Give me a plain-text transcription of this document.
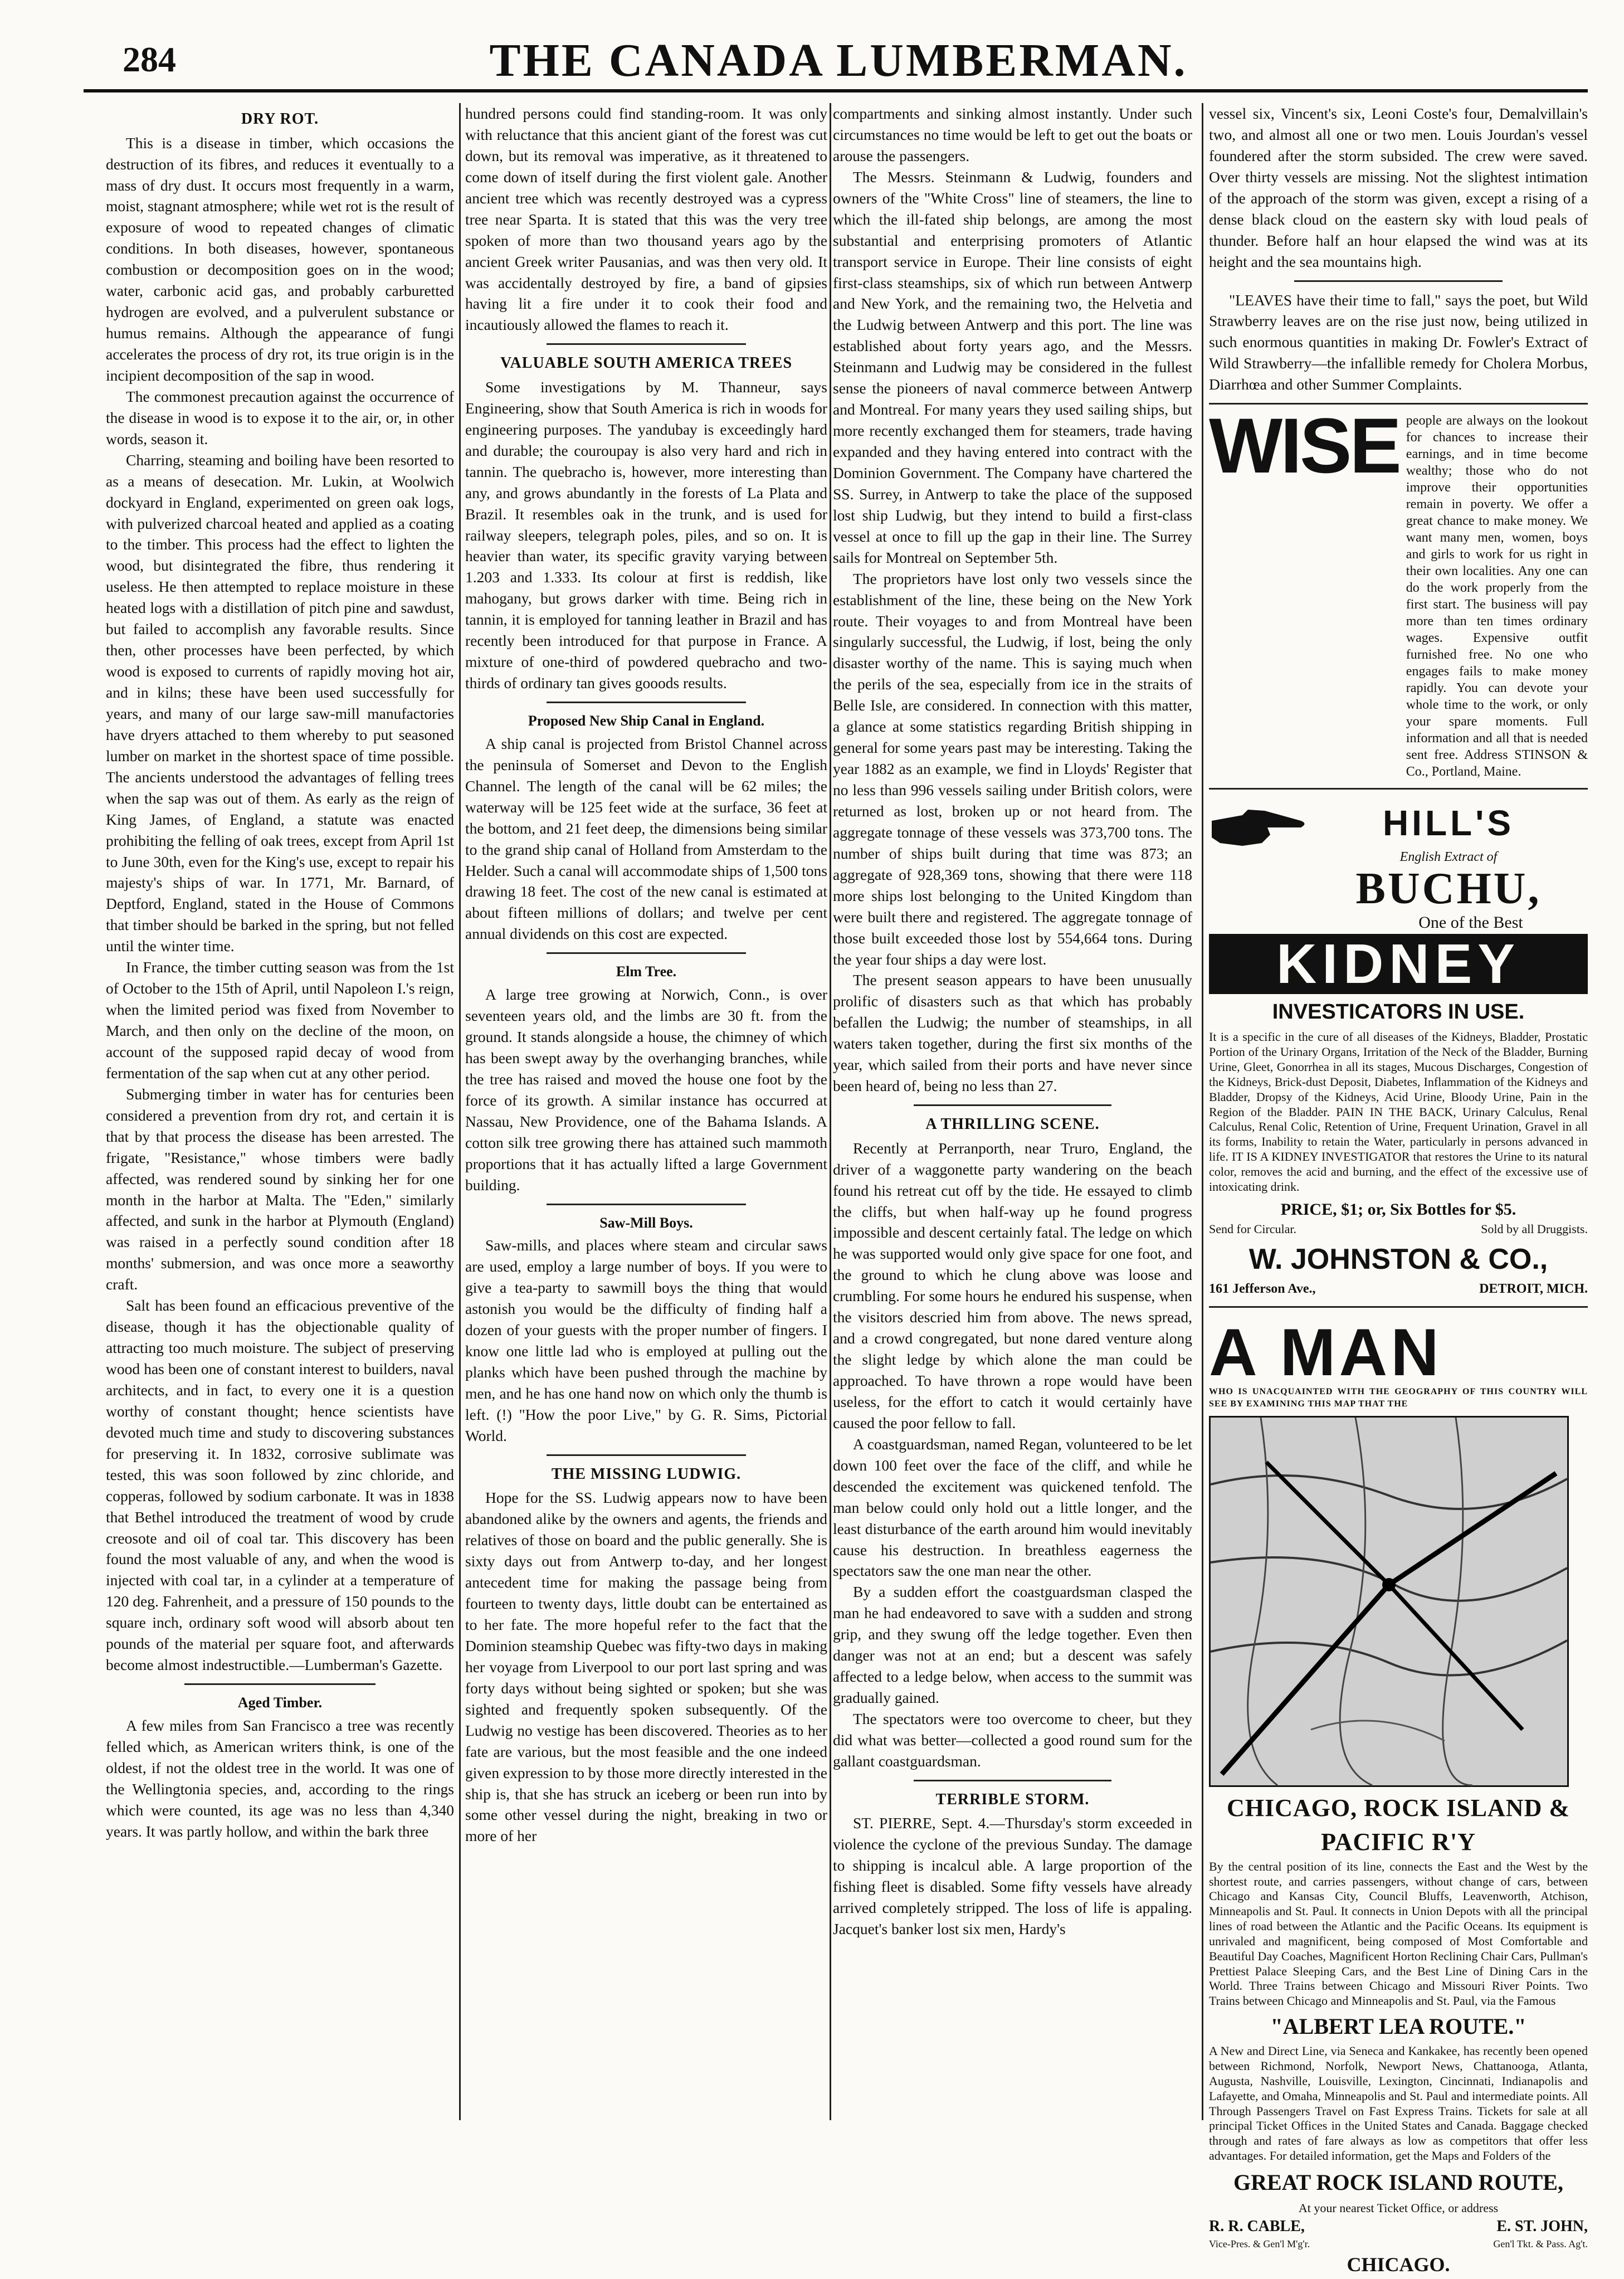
284	THE CANADA LUMBERMAN.
DRY ROT.

This is a disease in timber, which occasions the destruction of its fibres, and reduces it eventually to a mass of dry dust. It occurs most frequently in a warm, moist, stagnant atmosphere; while wet rot is the result of exposure of wood to repeated changes of climatic conditions. In both diseases, however, spontaneous combustion or decomposition goes on in the wood; water, carbonic acid gas, and probably carburetted hydrogen are evolved, and a pulverulent substance or humus remains. Although the appearance of fungi accelerates the process of dry rot, its true origin is in the incipient decomposition of the sap in wood.

The commonest precaution against the occurrence of the disease in wood is to expose it to the air, or, in other words, season it.

Charring, steaming and boiling have been resorted to as a means of desecation. Mr. Lukin, at Woolwich dockyard in England, experimented on green oak logs, with pulverized charcoal heated and applied as a coating to the timber. This process had the effect to lighten the wood, but disintegrated the fibre, thus rendering it useless. He then attempted to replace moisture in these heated logs with a distillation of pitch pine and sawdust, but failed to accomplish any favorable results. Since then, other processes have been perfected, by which wood is exposed to currents of rapidly moving hot air, and in kilns; these have been used successfully for years, and many of our large saw-mill manufactories have dryers attached to them whereby to put seasoned lumber on market in the shortest space of time possible. The ancients understood the advantages of felling trees when the sap was out of them. As early as the reign of King James, of England, a statute was enacted prohibiting the felling of oak trees, except from April 1st to June 30th, even for the King's use, except to repair his majesty's ships of war. In 1771, Mr. Barnard, of Deptford, England, stated in the House of Commons that timber should be barked in the spring, but not felled until the winter time.

In France, the timber cutting season was from the 1st of October to the 15th of April, until Napoleon I.'s reign, when the limited period was fixed from November to March, and then only on the decline of the moon, on account of the supposed rapid decay of wood from fermentation of the sap when cut at any other period.

Submerging timber in water has for centuries been considered a prevention from dry rot, and certain it is that by that process the disease has been arrested. The frigate, "Resistance," whose timbers were badly affected, was rendered sound by sinking her for one month in the harbor at Malta. The "Eden," similarly affected, and sunk in the harbor at Plymouth (England) was raised in a perfectly sound condition after 18 months' submersion, and was once more a seaworthy craft.

Salt has been found an efficacious preventive of the disease, though it has the objectionable quality of attracting too much moisture. The subject of preserving wood has been one of constant interest to builders, naval architects, and in fact, to every one it is a question worthy of constant thought; hence scientists have devoted much time and study to discovering substances for preserving it. In 1832, corrosive sublimate was tested, this was soon followed by zinc chloride, and copperas, followed by sodium carbonate. It was in 1838 that Bethel introduced the treatment of wood by crude creosote and oil of coal tar. This discovery has been found the most valuable of any, and when the wood is injected with coal tar, in a cylinder at a temperature of 120 deg. Fahrenheit, and a pressure of 150 pounds to the square inch, ordinary soft wood will absorb about ten pounds of the material per square foot, and afterwards become almost indestructible.—Lumberman's Gazette.

Aged Timber.

A few miles from San Francisco a tree was recently felled which, as American writers think, is one of the oldest, if not the oldest tree in the world. It was one of the Wellingtonia species, and, according to the rings which were counted, its age was no less than 4,340 years. It was partly hollow, and within the bark three

hundred persons could find standing-room. It was only with reluctance that this ancient giant of the forest was cut down, but its removal was imperative, as it threatened to come down of itself during the first violent gale. Another ancient tree which was recently destroyed was a cypress tree near Sparta. It is stated that this was the very tree spoken of more than two thousand years ago by the ancient Greek writer Pausanias, and was then very old. It was accidentally destroyed by fire, a band of gipsies having lit a fire under it to cook their food and incautiously allowed the flames to reach it.

VALUABLE SOUTH AMERICA TREES

Some investigations by M. Thanneur, says Engineering, show that South America is rich in woods for engineering purposes. The yandubay is exceedingly hard and durable; the couroupay is also very hard and rich in tannin. The quebracho is, however, more interesting than any, and grows abundantly in the forests of La Plata and Brazil. It resembles oak in the trunk, and is used for railway sleepers, telegraph poles, piles, and so on. It is heavier than water, its specific gravity varying between 1.203 and 1.333. Its colour at first is reddish, like mahogany, but grows darker with time. Being rich in tannin, it is employed for tanning leather in Brazil and has recently been introduced for that purpose in France. A mixture of one-third of powdered quebracho and two-thirds of ordinary tan gives gooods results.

Proposed New Ship Canal in England.

A ship canal is projected from Bristol Channel across the peninsula of Somerset and Devon to the English Channel. The length of the canal will be 62 miles; the waterway will be 125 feet wide at the surface, 36 feet at the bottom, and 21 feet deep, the dimensions being similar to the grand ship canal of Holland from Amsterdam to the Helder. Such a canal will accommodate ships of 1,500 tons drawing 18 feet. The cost of the new canal is estimated at about fifteen millions of dollars; and twelve per cent annual dividends on this cost are expected.

Elm Tree.

A large tree growing at Norwich, Conn., is over seventeen years old, and the limbs are 30 ft. from the ground. It stands alongside a house, the chimney of which has been swept away by the overhanging branches, while the tree has raised and moved the house one foot by the force of its growth. A similar instance has occurred at Nassau, New Providence, one of the Bahama Islands. A cotton silk tree growing there has attained such mammoth proportions that it has actually lifted a large Government building.

Saw-Mill Boys.

Saw-mills, and places where steam and circular saws are used, employ a large number of boys. If you were to give a tea-party to sawmill boys the thing that would astonish you would be the difficulty of finding half a dozen of your guests with the proper number of fingers. I know one little lad who is employed at pulling out the planks which have been pushed through the machine by men, and he has one hand now on which only the thumb is left. (!) "How the poor Live," by G. R. Sims, Pictorial World.

THE MISSING LUDWIG.

Hope for the SS. Ludwig appears now to have been abandoned alike by the owners and agents, the friends and relatives of those on board and the public generally. She is sixty days out from Antwerp to-day, and her longest antecedent time for making the passage being from fourteen to twenty days, little doubt can be entertained as to her fate. The more hopeful refer to the fact that the Dominion steamship Quebec was fifty-two days in making her voyage from Liverpool to our port last spring and was forty days without being sighted or spoken; but she was sighted and frequently spoken subsequently. Of the Ludwig no vestige has been discovered. Theories as to her fate are various, but the most feasible and the one indeed given expression to by those more directly interested in the ship is, that she has struck an iceberg or been run into by some other vessel during the night, breaking in two or more of her

compartments and sinking almost instantly. Under such circumstances no time would be left to get out the boats or arouse the passengers.

The Messrs. Steinmann & Ludwig, founders and owners of the "White Cross" line of steamers, the line to which the ill-fated ship belongs, are among the most substantial and enterprising promoters of Atlantic transport service in Europe. Their line consists of eight first-class steamships, six of which run between Antwerp and New York, and the remaining two, the Helvetia and the Ludwig between Antwerp and this port. The line was established about forty years ago, and the Messrs. Steinmann and Ludwig may be considered in the fullest sense the pioneers of naval commerce between Antwerp and Montreal. For many years they used sailing ships, but more recently exchanged them for steamers, trade having expanded and they having entered into contract with the Dominion Government. The Company have chartered the SS. Surrey, in Antwerp to take the place of the supposed lost ship Ludwig, but they intend to build a first-class vessel at once to fill up the gap in their line. The Surrey sails for Montreal on September 5th.

The proprietors have lost only two vessels since the establishment of the line, these being on the New York route. Their voyages to and from Montreal have been singularly successful, the Ludwig, if lost, being the only disaster worthy of the name. This is saying much when the perils of the sea, especially from ice in the straits of Belle Isle, are considered. In connection with this matter, a glance at some statistics regarding British shipping in general for some years past may be interesting. Taking the year 1882 as an example, we find in Lloyds' Register that no less than 996 vessels sailing under British colors, were returned as lost, broken up or not heard from. The aggregate tonnage of these vessels was 373,700 tons. The number of ships built during that time was 873; an aggregate of 928,369 tons, showing that there were 118 more ships lost belonging to the United Kingdom than were built there and registered. The aggregate tonnage of those built exceeded those lost by 554,664 tons. During the year four ships a day were lost.

The present season appears to have been unusually prolific of disasters such as that which has probably befallen the Ludwig; the number of steamships, in all waters taken together, during the first six months of the year, which sailed from their ports and have never since been heard of, being no less than 27.

A THRILLING SCENE.

Recently at Perranporth, near Truro, England, the driver of a waggonette party wandering on the beach found his retreat cut off by the tide. He essayed to climb the cliffs, but when half-way up he found progress impossible and descent certainly fatal. The ledge on which he was supported would only give space for one foot, and the ground to which he clung above was loose and crumbling. For some hours he endured his suspense, when the visitors descried him from above. The news spread, and a crowd congregated, but none dared venture along the slight ledge by which alone the man could be approached. To have thrown a rope would have been useless, for the effort to catch it would certainly have caused the poor fellow to fall.

A coastguardsman, named Regan, volunteered to be let down 100 feet over the face of the cliff, and while he descended the excitement was quickened tenfold. The man below could only hold out a little longer, and the least disturbance of the earth around him would inevitably cause his destruction. In breathless eagerness the spectators saw the one man near the other.

By a sudden effort the coastguardsman clasped the man he had endeavored to save with a sudden and strong grip, and they swung off the ledge together. Even then danger was not at an end; but a descent was safely affected to a ledge below, when access to the summit was gradually gained.

The spectators were too overcome to cheer, but they did what was better—collected a good round sum for the gallant coastguardsman.

TERRIBLE STORM.

ST. PIERRE, Sept. 4.—Thursday's storm exceeded in violence the cyclone of the previous Sunday. The damage to shipping is incalcul able. A large proportion of the fishing fleet is disabled. Some fifty vessels have already arrived completely stripped. The loss of life is appaling. Jacquet's banker lost six men, Hardy's

vessel six, Vincent's six, Leoni Coste's four, Demalvillain's two, and almost all one or two men. Louis Jourdan's vessel foundered after the storm subsided. The crew were saved. Over thirty vessels are missing. Not the slightest intimation of the approach of the storm was given, except a rising of a dense black cloud on the eastern sky with loud peals of thunder. Before half an hour elapsed the wind was at its height and the sea mountains high.

"LEAVES have their time to fall," says the poet, but Wild Strawberry leaves are on the rise just now, being utilized in such enormous quantities in making Dr. Fowler's Extract of Wild Strawberry—the infallible remedy for Cholera Morbus, Diarrhœa and other Summer Complaints.

WISE people are always on the lookout for chances to increase their earnings, and in time become wealthy; those who do not improve their opportunities remain in poverty. We offer a great chance to make money. We want many men, women, boys and girls to work for us right in their own localities. Any one can do the work properly from the first start. The business will pay more than ten times ordinary wages. Expensive outfit furnished free. No one who engages fails to make money rapidly. You can devote your whole time to the work, or only your spare moments. Full information and all that is needed sent free. Address STINSON & Co., Portland, Maine.
HILL'S
English Extract of
BUCHU,
One of the Best
KIDNEY
INVESTICATORS IN USE.
It is a specific in the cure of all diseases of the Kidneys, Bladder, Prostatic Portion of the Urinary Organs, Irritation of the Neck of the Bladder, Burning Urine, Gleet, Gonorrhea in all its stages, Mucous Discharges, Congestion of the Kidneys, Brick-dust Deposit, Diabetes, Inflammation of the Kidneys and Bladder, Dropsy of the Kidneys, Acid Urine, Bloody Urine, Pain in the Region of the Bladder. PAIN IN THE BACK, Urinary Calculus, Renal Calculus, Renal Colic, Retention of Urine, Frequent Urination, Gravel in all its forms, Inability to retain the Water, particularly in persons advanced in life. IT IS A KIDNEY INVESTIGATOR that restores the Urine to its natural color, removes the acid and burning, and the effect of the excessive use of intoxicating drink.
PRICE, $1; or, Six Bottles for $5.
Send for Circular.	Sold by all Druggists.
W. JOHNSTON & CO.,
161 Jefferson Ave.,	DETROIT, MICH.
A MAN
WHO IS UNACQUAINTED WITH THE GEOGRAPHY OF THIS COUNTRY WILL SEE BY EXAMINING THIS MAP THAT THE
CHICAGO, ROCK ISLAND & PACIFIC R'Y
By the central position of its line, connects the East and the West by the shortest route, and carries passengers, without change of cars, between Chicago and Kansas City, Council Bluffs, Leavenworth, Atchison, Minneapolis and St. Paul. It connects in Union Depots with all the principal lines of road between the Atlantic and the Pacific Oceans. Its equipment is unrivaled and magnificent, being composed of Most Comfortable and Beautiful Day Coaches, Magnificent Horton Reclining Chair Cars, Pullman's Prettiest Palace Sleeping Cars, and the Best Line of Dining Cars in the World. Three Trains between Chicago and Missouri River Points. Two Trains between Chicago and Minneapolis and St. Paul, via the Famous
"ALBERT LEA ROUTE."
A New and Direct Line, via Seneca and Kankakee, has recently been opened between Richmond, Norfolk, Newport News, Chattanooga, Atlanta, Augusta, Nashville, Louisville, Lexington, Cincinnati, Indianapolis and Lafayette, and Omaha, Minneapolis and St. Paul and intermediate points. All Through Passengers Travel on Fast Express Trains. Tickets for sale at all principal Ticket Offices in the United States and Canada. Baggage checked through and rates of fare always as low as competitors that offer less advantages. For detailed information, get the Maps and Folders of the
GREAT ROCK ISLAND ROUTE,
At your nearest Ticket Office, or address
R. R. CABLE,	E. ST. JOHN,
Vice-Pres. & Gen'l M'g'r.	Gen'l Tkt. & Pass. Ag't.
CHICAGO.
